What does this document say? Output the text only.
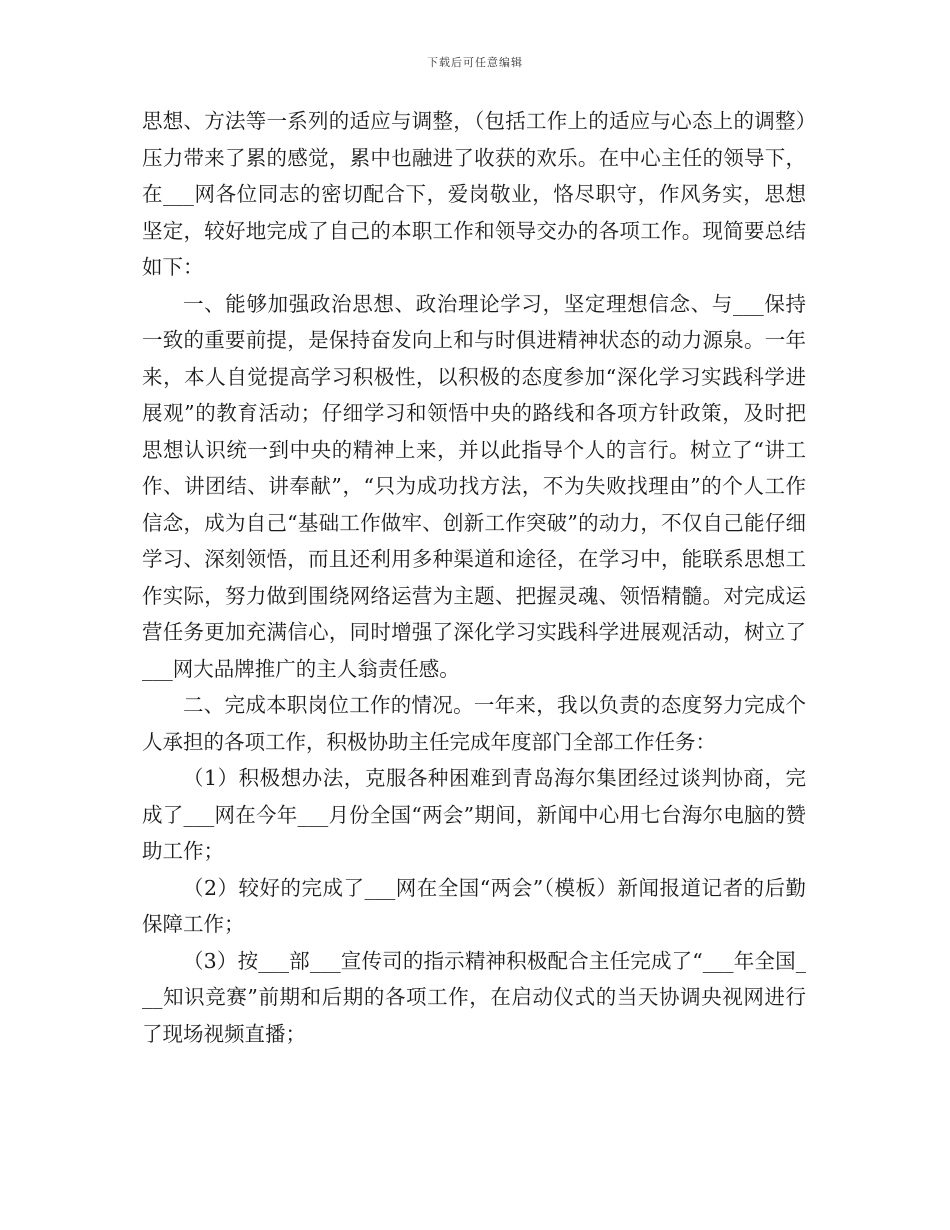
下载后可任意编辑

思想、方法等一系列的适应与调整，（包括工作上的适应与心态上的调整）压力带来了累的感觉，累中也融进了收获的欢乐。在中心主任的领导下，在___网各位同志的密切配合下，爱岗敬业，恪尽职守，作风务实，思想坚定，较好地完成了自己的本职工作和领导交办的各项工作。现简要总结如下：

一、能够加强政治思想、政治理论学习，坚定理想信念、与___保持一致的重要前提，是保持奋发向上和与时俱进精神状态的动力源泉。一年来，本人自觉提高学习积极性，以积极的态度参加“深化学习实践科学进展观”的教育活动；仔细学习和领悟中央的路线和各项方针政策，及时把思想认识统一到中央的精神上来，并以此指导个人的言行。树立了“讲工作、讲团结、讲奉献”，“只为成功找方法，不为失败找理由”的个人工作信念，成为自己“基础工作做牢、创新工作突破”的动力，不仅自己能仔细学习、深刻领悟，而且还利用多种渠道和途径，在学习中，能联系思想工作实际，努力做到围绕网络运营为主题、把握灵魂、领悟精髓。对完成运营任务更加充满信心，同时增强了深化学习实践科学进展观活动，树立了___网大品牌推广的主人翁责任感。

二、完成本职岗位工作的情况。一年来，我以负责的态度努力完成个人承担的各项工作，积极协助主任完成年度部门全部工作任务：

（1）积极想办法，克服各种困难到青岛海尔集团经过谈判协商，完成了___网在今年___月份全国“两会”期间，新闻中心用七台海尔电脑的赞助工作；

（2）较好的完成了___网在全国“两会”（模板）新闻报道记者的后勤保障工作；

（3）按___部___宣传司的指示精神积极配合主任完成了“___年全国___知识竞赛”前期和后期的各项工作，在启动仪式的当天协调央视网进行了现场视频直播；
